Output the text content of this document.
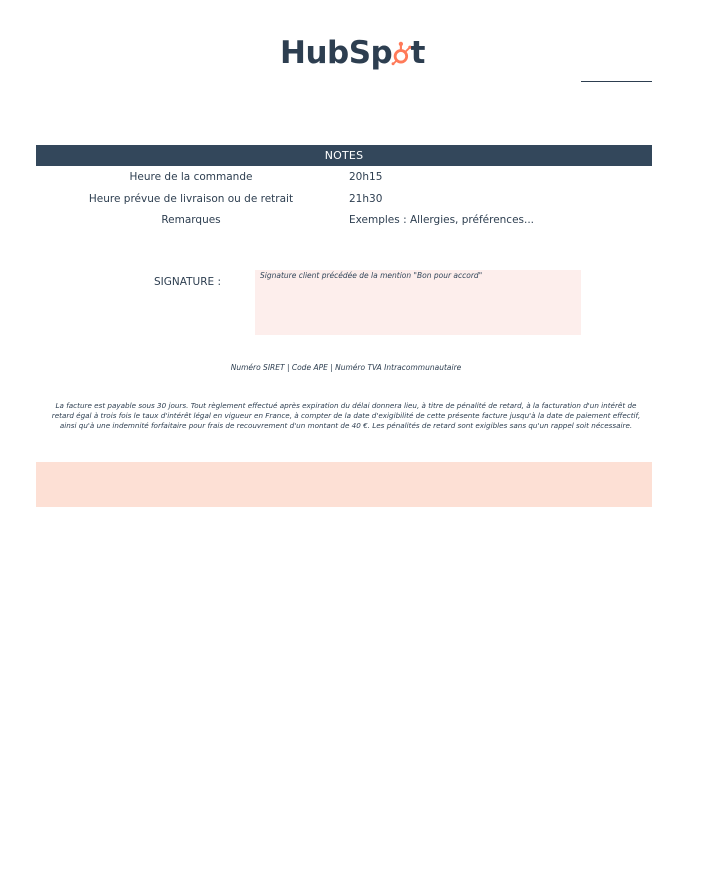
HubSp t
NOTES
Heure de la commande	20h15
Heure prévue de livraison ou de retrait	21h30
Remarques	Exemples : Allergies, préférences...
SIGNATURE :
Signature client précédée de la mention "Bon pour accord"
Numéro SIRET | Code APE | Numéro TVA Intracommunautaire
La facture est payable sous 30 jours. Tout règlement effectué après expiration du délai donnera lieu, à titre de pénalité de retard, à la facturation d'un intérêt de retard égal à trois fois le taux d'intérêt légal en vigueur en France, à compter de la date d'exigibilité de cette présente facture jusqu'à la date de paiement effectif, ainsi qu'à une indemnité forfaitaire pour frais de recouvrement d'un montant de 40 €. Les pénalités de retard sont exigibles sans qu'un rappel soit nécessaire.
